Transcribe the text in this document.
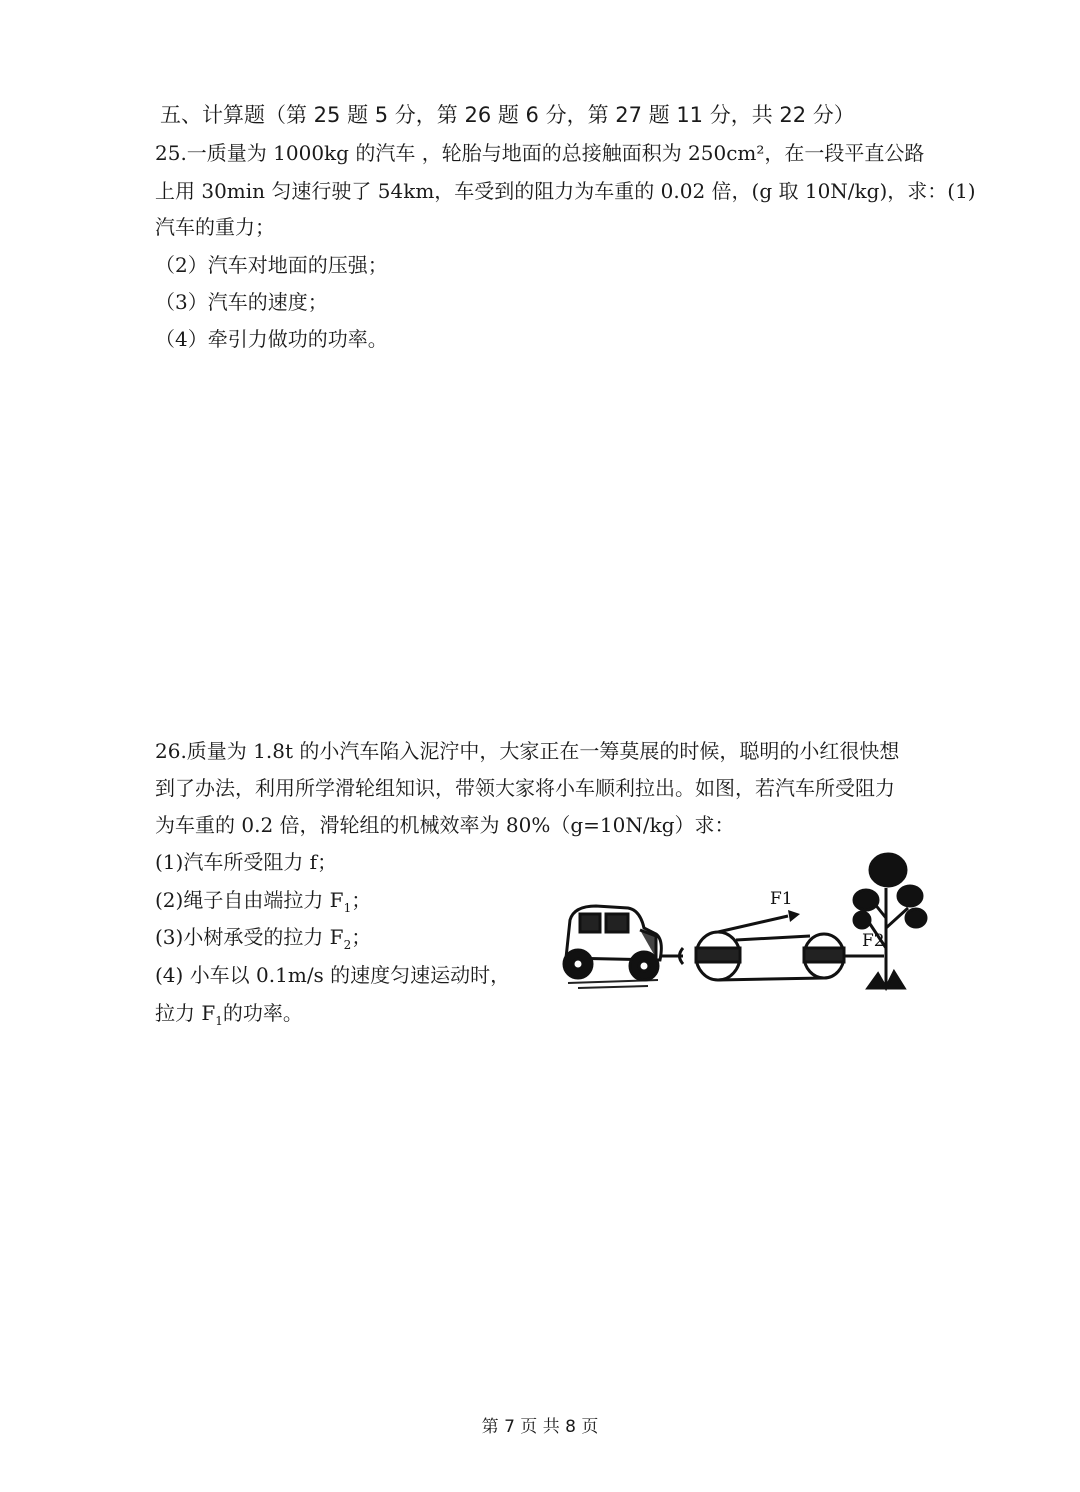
五、计算题（第 25 题 5 分，第 26 题 6 分，第 27 题 11 分，共 22 分）
25.一质量为 1000kg 的汽车 ，轮胎与地面的总接触面积为 250cm²，在一段平直公路
上用 30min 匀速行驶了 54km，车受到的阻力为车重的 0.02 倍，(g 取 10N/kg)，求：(1)
汽车的重力；
（2）汽车对地面的压强；
（3）汽车的速度；
（4）牵引力做功的功率。
26.质量为 1.8t 的小汽车陷入泥泞中，大家正在一筹莫展的时候，聪明的小红很快想
到了办法，利用所学滑轮组知识，带领大家将小车顺利拉出。如图，若汽车所受阻力
为车重的 0.2 倍，滑轮组的机械效率为 80%（g=10N/kg）求：
(1)汽车所受阻力 f；
(2)绳子自由端拉力 $F_1$；
(3)小树承受的拉力 $F_2$；
(4) 小车以 0.1m/s 的速度匀速运动时，
拉力 $F_1$的功率。
F1
F2
第 7 页 共 8 页
